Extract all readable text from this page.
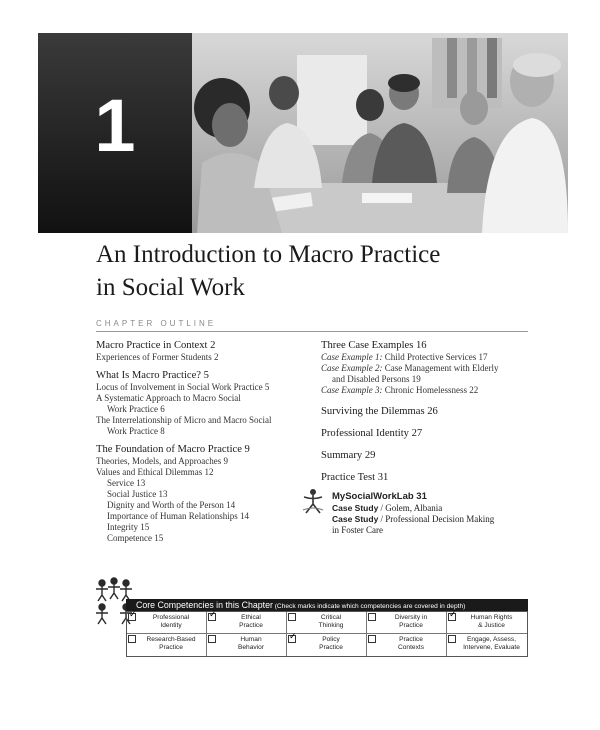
1
An Introduction to Macro Practice
in Social Work
CHAPTER OUTLINE
Macro Practice in Context 2
Experiences of Former Students 2
What Is Macro Practice? 5
Locus of Involvement in Social Work Practice 5
A Systematic Approach to Macro Social
Work Practice 6
The Interrelationship of Micro and Macro Social
Work Practice 8
The Foundation of Macro Practice 9
Theories, Models, and Approaches 9
Values and Ethical Dilemmas 12
Service 13
Social Justice 13
Dignity and Worth of the Person 14
Importance of Human Relationships 14
Integrity 15
Competence 15
Three Case Examples 16
Case Example 1: Child Protective Services 17
Case Example 2: Case Management with Elderly
and Disabled Persons 19
Case Example 3: Chronic Homelessness 22
Surviving the Dilemmas 26
Professional Identity 27
Summary 29
Practice Test 31
MySocialWorkLab 31
Case Study / Golem, Albania
Case Study / Professional Decision Making
in Foster Care
Core Competencies in this Chapter (Check marks indicate which competencies are covered in depth)
✓
Professional
Identity
✓
Ethical
Practice
Critical
Thinking
Diversity in
Practice
✓
Human Rights
& Justice
Research-Based
Practice
Human
Behavior
✓
Policy
Practice
Practice
Contexts
Engage, Assess,
Intervene, Evaluate
